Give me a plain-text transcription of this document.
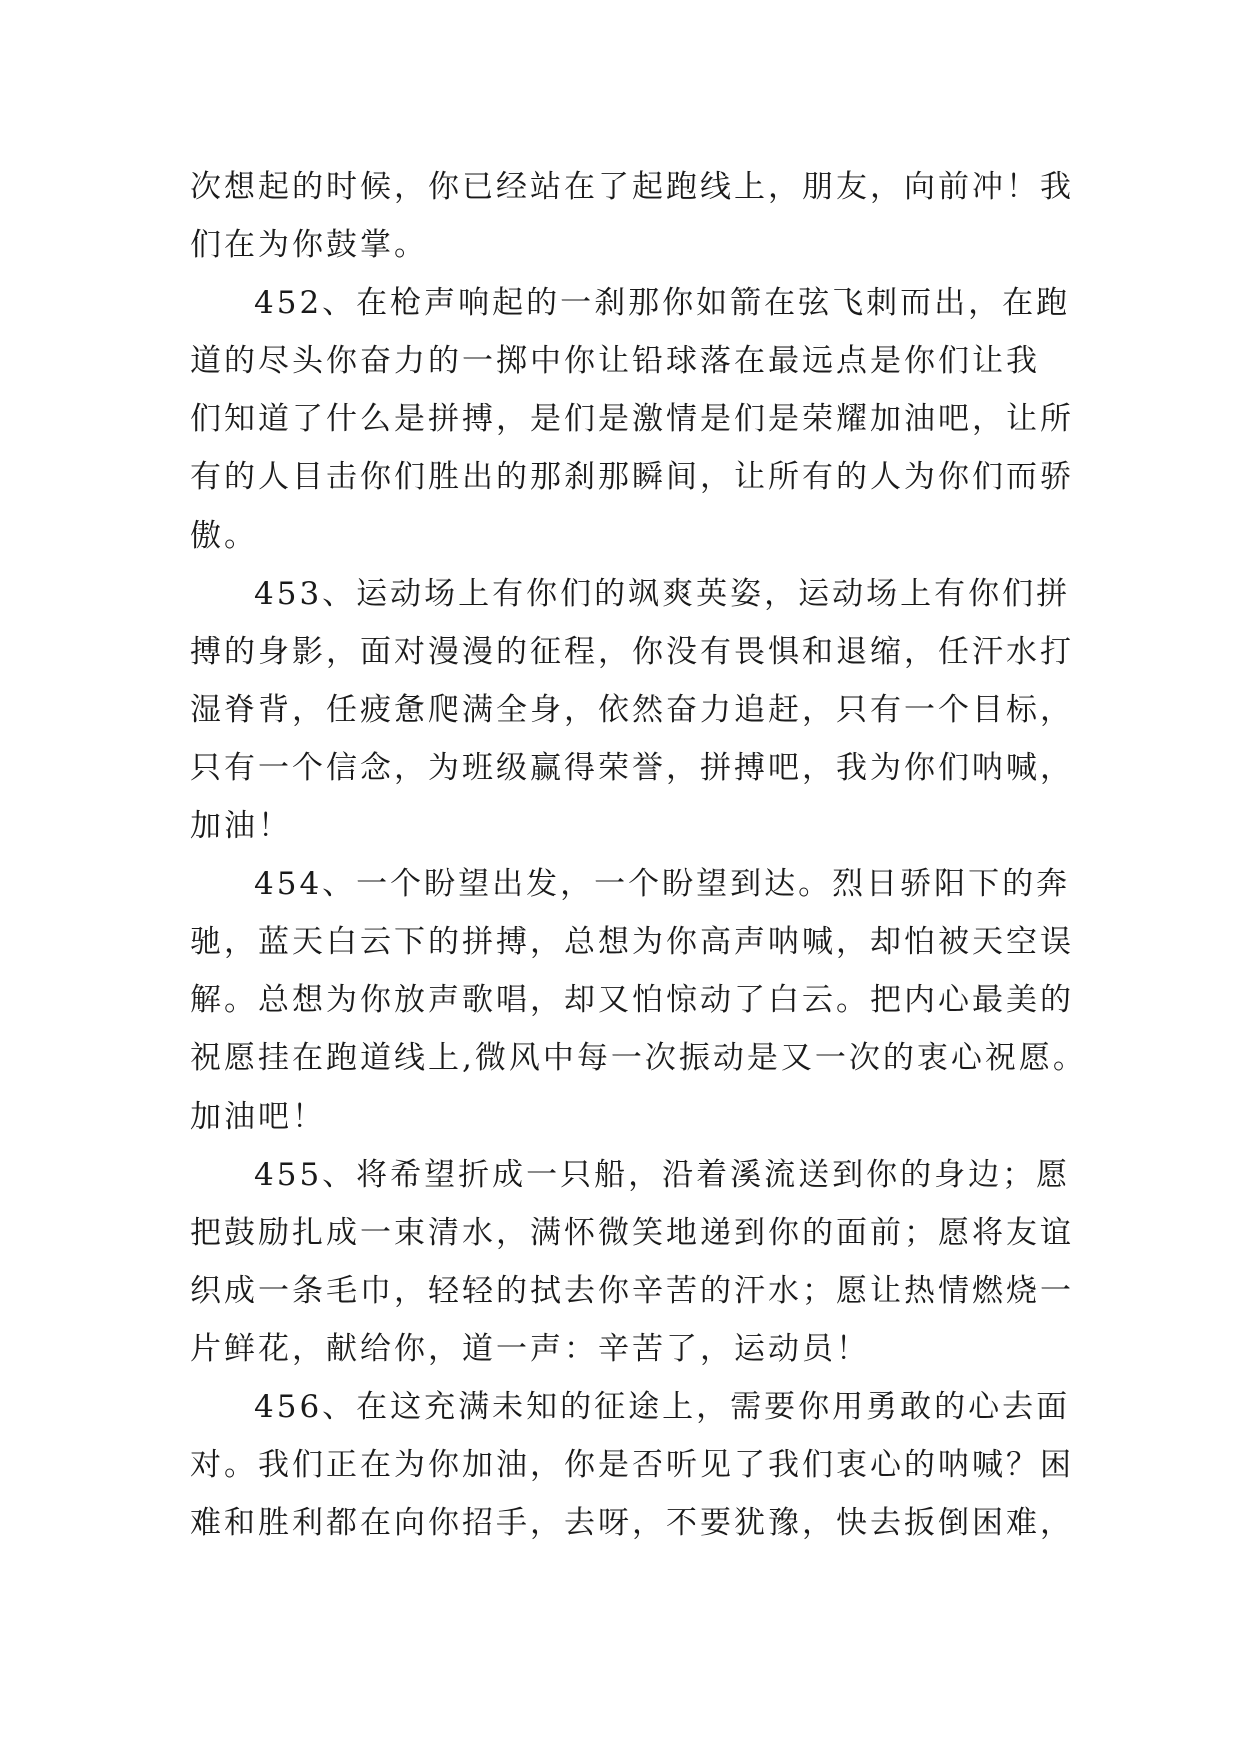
次想起的时候，你已经站在了起跑线上，朋友，向前冲！我
们在为你鼓掌。
452、在枪声响起的一刹那你如箭在弦飞刺而出，在跑
道的尽头你奋力的一掷中你让铅球落在最远点是你们让我
们知道了什么是拼搏，是们是激情是们是荣耀加油吧，让所
有的人目击你们胜出的那刹那瞬间，让所有的人为你们而骄
傲。
453、运动场上有你们的飒爽英姿，运动场上有你们拼
搏的身影，面对漫漫的征程，你没有畏惧和退缩，任汗水打
湿脊背，任疲惫爬满全身，依然奋力追赶，只有一个目标，
只有一个信念，为班级赢得荣誉，拼搏吧，我为你们呐喊，
加油！
454、一个盼望出发，一个盼望到达。烈日骄阳下的奔
驰，蓝天白云下的拼搏，总想为你高声呐喊，却怕被天空误
解。总想为你放声歌唱，却又怕惊动了白云。把内心最美的
祝愿挂在跑道线上,微风中每一次振动是又一次的衷心祝愿。
加油吧！
455、将希望折成一只船，沿着溪流送到你的身边；愿
把鼓励扎成一束清水，满怀微笑地递到你的面前；愿将友谊
织成一条毛巾，轻轻的拭去你辛苦的汗水；愿让热情燃烧一
片鲜花，献给你，道一声：辛苦了，运动员！
456、在这充满未知的征途上，需要你用勇敢的心去面
对。我们正在为你加油，你是否听见了我们衷心的呐喊？困
难和胜利都在向你招手，去呀，不要犹豫，快去扳倒困难，
